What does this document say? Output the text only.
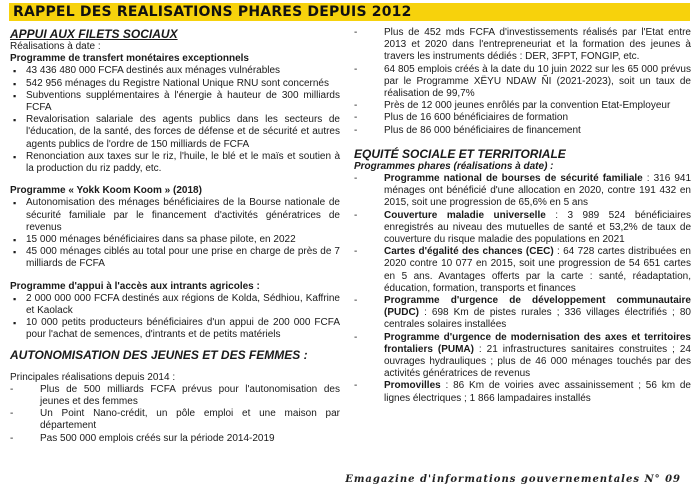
RAPPEL DES REALISATIONS PHARES DEPUIS 2012

APPUI AUX FILETS SOCIAUX

Réalisations à date :

Programme de transfert monétaires exceptionnels

▪ 43 436 480 000 FCFA destinés aux ménages vulnérables
▪ 542 956 ménages du Registre National Unique RNU sont concernés
▪ Subventions supplémentaires à l'énergie à hauteur de 300 milliards FCFA
▪ Revalorisation salariale des agents publics dans les secteurs de l'éducation, de la santé, des forces de défense et de sécurité et autres agents publics de l'ordre de 150 milliards de FCFA
▪ Renonciation aux taxes sur le riz, l'huile, le blé et le maïs et soutien à la production du riz paddy, etc.

Programme « Yokk Koom Koom » (2018)

▪ Autonomisation des ménages bénéficiaires de la Bourse nationale de sécurité familiale par le financement d'activités génératrices de revenus
▪ 15 000 ménages bénéficiaires dans sa phase pilote, en 2022
▪ 45 000 ménages ciblés au total pour une prise en charge de près de 7 milliards de FCFA

Programme d'appui à l'accès aux intrants agricoles :

▪ 2 000 000 000 FCFA destinés aux régions de Kolda, Sédhiou, Kaffrine et Kaolack
▪ 10 000 petits producteurs bénéficiaires d'un appui de 200 000 FCFA pour l'achat de semences, d'intrants et de petits matériels

AUTONOMISATION DES JEUNES ET DES FEMMES :

Principales réalisations depuis 2014 :

- Plus de 500 milliards FCFA prévus pour l'autonomisation des jeunes et des femmes
- Un Point Nano-crédit, un pôle emploi et une maison par département
- Pas 500 000 emplois créés sur la période 2014-2019
- Plus de 452 mds FCFA d'investissements réalisés par l'Etat entre 2013 et 2020 dans l'entrepreneuriat et la formation des jeunes à travers les instruments dédiés : DER, 3FPT, FONGIP, etc.
- 64 805 emplois créés à la date du 10 juin 2022 sur les 65 000 prévus par le Programme XËYU NDAW ÑI (2021-2023), soit un taux de réalisation de 99,7%
- Près de 12 000 jeunes enrôlés par la convention Etat-Employeur
- Plus de 16 600 bénéficiaires de formation
- Plus de 86 000 bénéficiaires de financement

EQUITÉ SOCIALE ET TERRITORIALE

Programmes phares (réalisations à date) :

- Programme national de bourses de sécurité familiale : 316 941 ménages ont bénéficié d'une allocation en 2020, contre 191 432 en 2015, soit une progression de 65,6% en 5 ans
- Couverture maladie universelle : 3 989 524 bénéficiaires enregistrés au niveau des mutuelles de santé et 53,2% de taux de couverture du risque maladie des populations en 2021
- Cartes d'égalité des chances (CEC) : 64 728 cartes distribuées en 2020 contre 10 077 en 2015, soit une progression de 54 651 cartes en 5 ans. Avantages offerts par la carte : santé, réadaptation, éducation, formation, transports et finances
- Programme d'urgence de développement communautaire (PUDC) : 698 Km de pistes rurales ; 336 villages électrifiés ; 80 centrales solaires installées
- Programme d'urgence de modernisation des axes et territoires frontaliers (PUMA) : 21 infrastructures sanitaires construites ; 24 ouvrages hydrauliques ; plus de 46 000 ménages touchés par des activités génératrices de revenus
- Promovilles : 86 Km de voiries avec assainissement ; 56 km de lignes électriques ; 1 866 lampadaires installés
Emagazine d'informations gouvernementales N° 09
